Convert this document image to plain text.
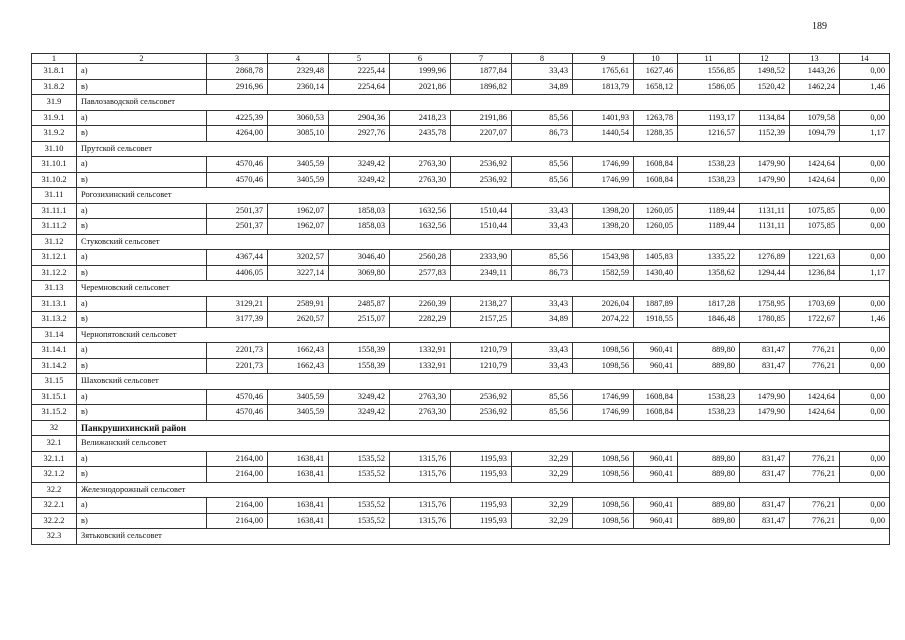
189
1	2	3	4	5	6	7	8	9	10	11	12	13	14
31.8.1	а)	2868,78	2329,48	2225,44	1999,96	1877,84	33,43	1765,61	1627,46	1556,85	1498,52	1443,26	0,00
31.8.2	в)	2916,96	2360,14	2254,64	2021,86	1896,82	34,89	1813,79	1658,12	1586,05	1520,42	1462,24	1,46
31.9	Павлозаводской сельсовет												
31.9.1	а)	4225,39	3060,53	2904,36	2418,23	2191,86	85,56	1401,93	1263,78	1193,17	1134,84	1079,58	0,00
31.9.2	в)	4264,00	3085,10	2927,76	2435,78	2207,07	86,73	1440,54	1288,35	1216,57	1152,39	1094,79	1,17
31.10	Прутской сельсовет												
31.10.1	а)	4570,46	3405,59	3249,42	2763,30	2536,92	85,56	1746,99	1608,84	1538,23	1479,90	1424,64	0,00
31.10.2	в)	4570,46	3405,59	3249,42	2763,30	2536,92	85,56	1746,99	1608,84	1538,23	1479,90	1424,64	0,00
31.11	Рогозихинский сельсовет												
31.11.1	а)	2501,37	1962,07	1858,03	1632,56	1510,44	33,43	1398,20	1260,05	1189,44	1131,11	1075,85	0,00
31.11.2	в)	2501,37	1962,07	1858,03	1632,56	1510,44	33,43	1398,20	1260,05	1189,44	1131,11	1075,85	0,00
31.12	Стуковский сельсовет												
31.12.1	а)	4367,44	3202,57	3046,40	2560,28	2333,90	85,56	1543,98	1405,83	1335,22	1276,89	1221,63	0,00
31.12.2	в)	4406,05	3227,14	3069,80	2577,83	2349,11	86,73	1582,59	1430,40	1358,62	1294,44	1236,84	1,17
31.13	Черемновский сельсовет												
31.13.1	а)	3129,21	2589,91	2485,87	2260,39	2138,27	33,43	2026,04	1887,89	1817,28	1758,95	1703,69	0,00
31.13.2	в)	3177,39	2620,57	2515,07	2282,29	2157,25	34,89	2074,22	1918,55	1846,48	1780,85	1722,67	1,46
31.14	Чернопятовский сельсовет												
31.14.1	а)	2201,73	1662,43	1558,39	1332,91	1210,79	33,43	1098,56	960,41	889,80	831,47	776,21	0,00
31.14.2	в)	2201,73	1662,43	1558,39	1332,91	1210,79	33,43	1098,56	960,41	889,80	831,47	776,21	0,00
31.15	Шаховский сельсовет												
31.15.1	а)	4570,46	3405,59	3249,42	2763,30	2536,92	85,56	1746,99	1608,84	1538,23	1479,90	1424,64	0,00
31.15.2	в)	4570,46	3405,59	3249,42	2763,30	2536,92	85,56	1746,99	1608,84	1538,23	1479,90	1424,64	0,00
32	Панкрушихинский район												
32.1	Велижанский сельсовет												
32.1.1	а)	2164,00	1638,41	1535,52	1315,76	1195,93	32,29	1098,56	960,41	889,80	831,47	776,21	0,00
32.1.2	в)	2164,00	1638,41	1535,52	1315,76	1195,93	32,29	1098,56	960,41	889,80	831,47	776,21	0,00
32.2	Железнодорожный сельсовет												
32.2.1	а)	2164,00	1638,41	1535,52	1315,76	1195,93	32,29	1098,56	960,41	889,80	831,47	776,21	0,00
32.2.2	в)	2164,00	1638,41	1535,52	1315,76	1195,93	32,29	1098,56	960,41	889,80	831,47	776,21	0,00
32.3	Зятьковский сельсовет												
